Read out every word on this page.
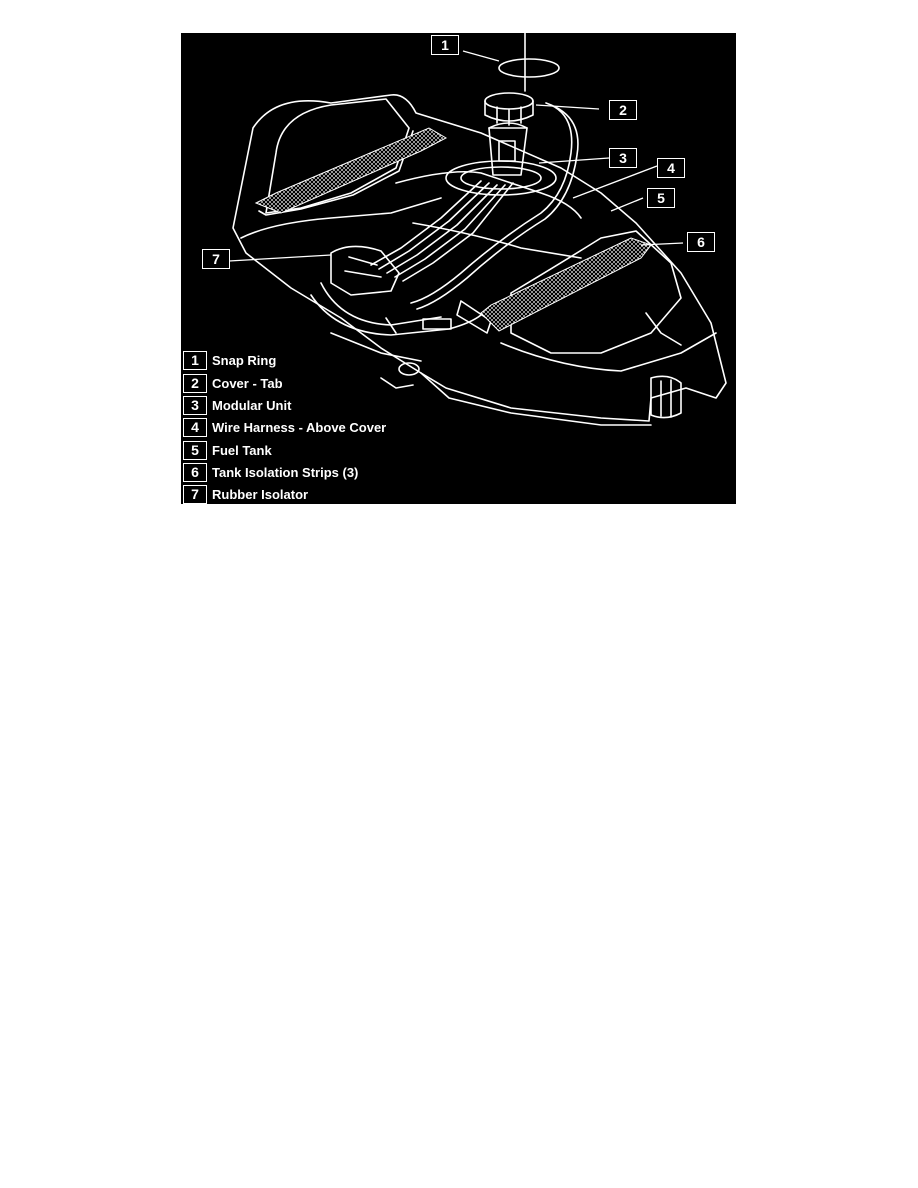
1
2
3
4
5
6
7
1	Snap Ring
2	Cover - Tab
3	Modular Unit
4	Wire Harness - Above Cover
5	Fuel Tank
6	Tank Isolation Strips (3)
7	Rubber Isolator
